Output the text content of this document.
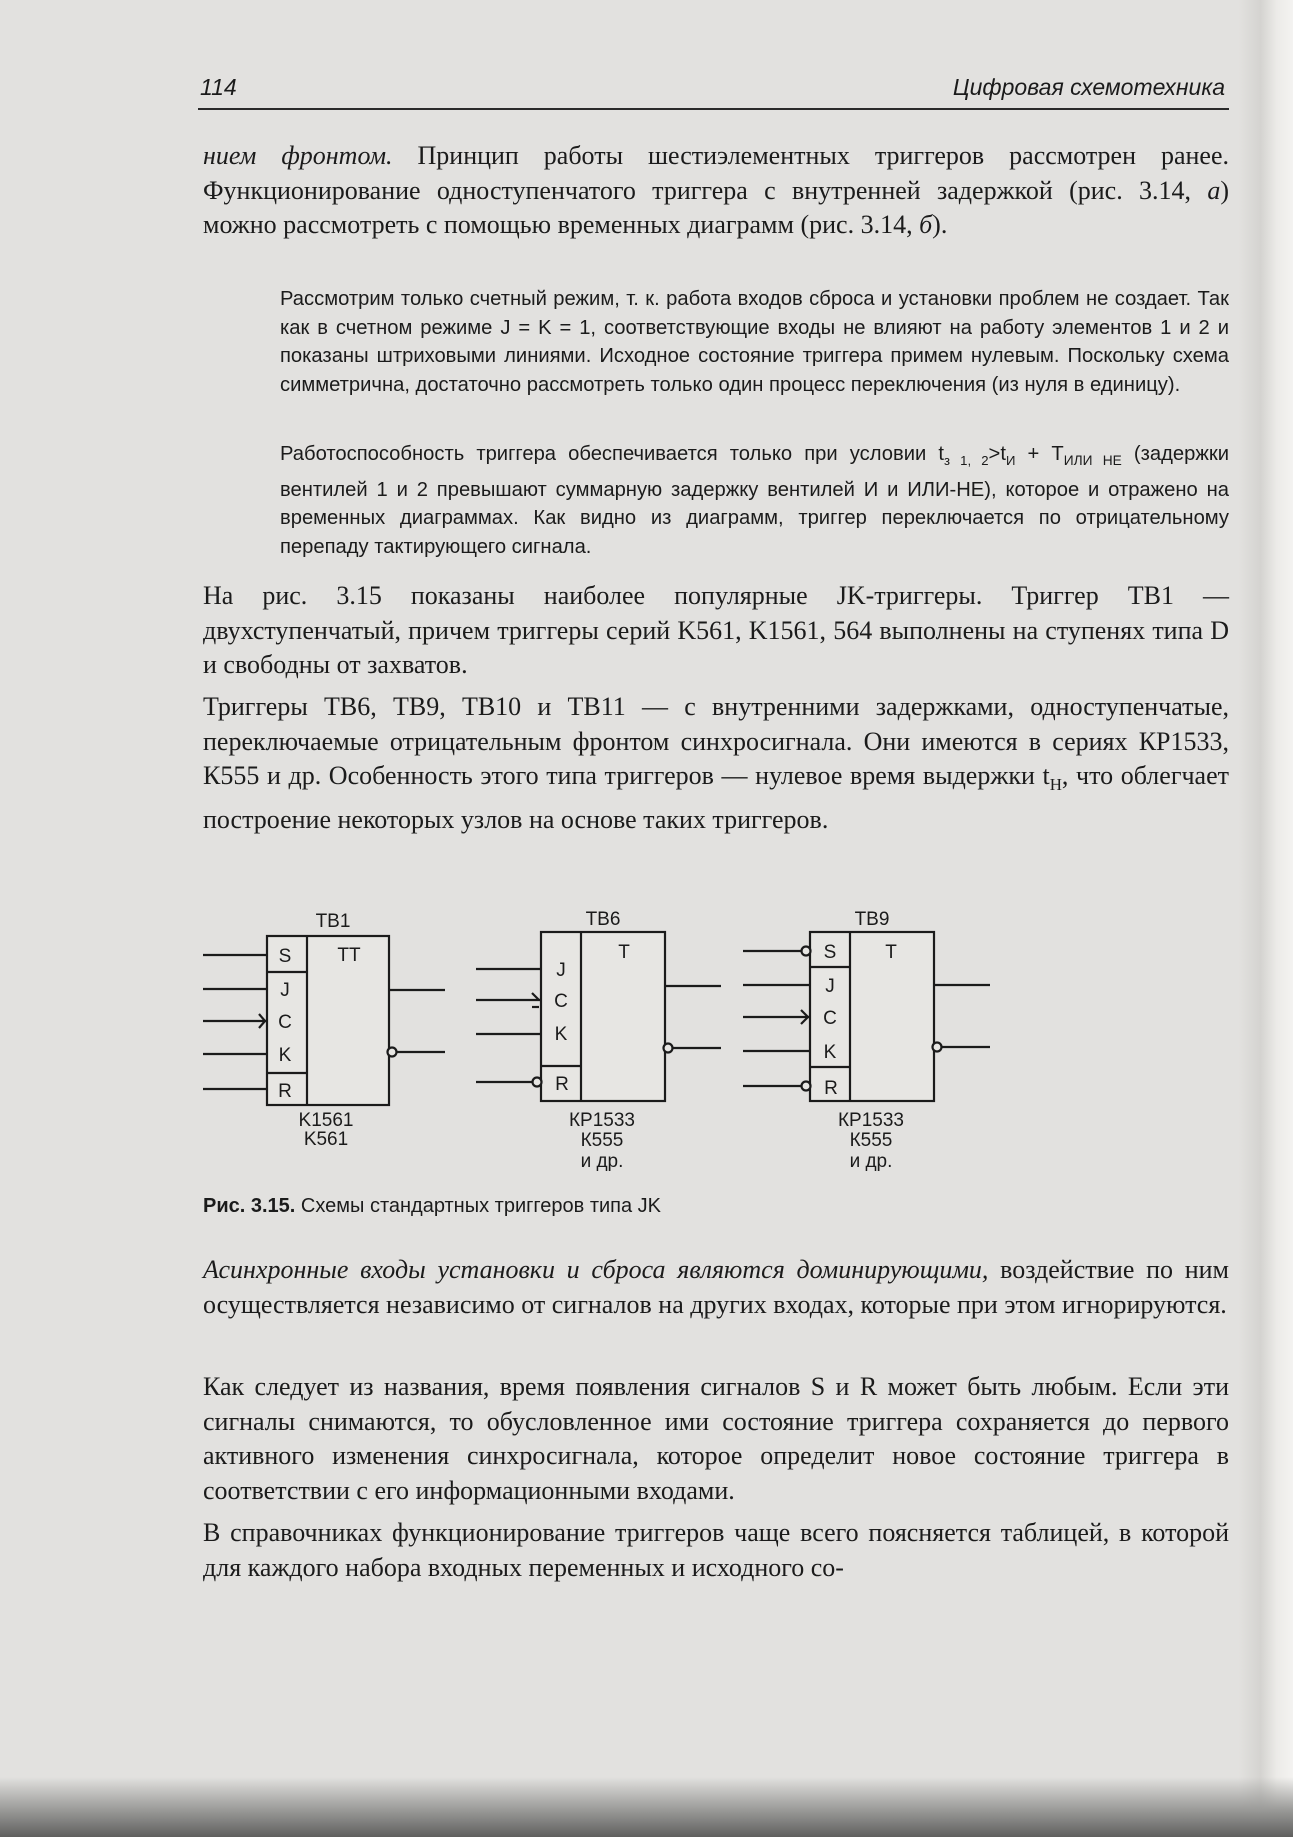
114	Цифровая схемотехника

нием фронтом. Принцип работы шестиэлементных триггеров рассмотрен ранее. Функционирование одноступенчатого триггера с внутренней задержкой (рис. 3.14, а) можно рассмотреть с помощью временных диаграмм (рис. 3.14, б).

Рассмотрим только счетный режим, т. к. работа входов сброса и установки проблем не создает. Так как в счетном режиме J = K = 1, соответствующие входы не влияют на работу элементов 1 и 2 и показаны штриховыми линиями. Исходное состояние триггера примем нулевым. Поскольку схема симметрична, достаточно рассмотреть только один процесс переключения (из нуля в единицу).

Работоспособность триггера обеспечивается только при условии $t_{з 1, 2}>t_И + T_{ИЛИ НЕ}$ (задержки вентилей 1 и 2 превышают суммарную задержку вентилей И и ИЛИ-НЕ), которое и отражено на временных диаграммах. Как видно из диаграмм, триггер переключается по отрицательному перепаду тактирующего сигнала.

На рис. 3.15 показаны наиболее популярные JK-триггеры. Триггер ТВ1 — двухступенчатый, причем триггеры серий K561, K1561, 564 выполнены на ступенях типа D и свободны от захватов.

Триггеры ТВ6, ТВ9, ТВ10 и ТВ11 — с внутренними задержками, одноступенчатые, переключаемые отрицательным фронтом синхросигнала. Они имеются в сериях КР1533, К555 и др. Особенность этого типа триггеров — нулевое время выдержки $t_Н$, что облегчает построение некоторых узлов на основе таких триггеров.

ТВ1
TT
S
J
C
K
R
K1561
K561
ТВ6
T
J
C
K
R
КР1533
К555
и др.
ТВ9
T
S
J
C
K
R
КР1533
К555
и др.

Рис. 3.15. Схемы стандартных триггеров типа JK

Асинхронные входы установки и сброса являются доминирующими, воздействие по ним осуществляется независимо от сигналов на других входах, которые при этом игнорируются.

Как следует из названия, время появления сигналов S и R может быть любым. Если эти сигналы снимаются, то обусловленное ими состояние триггера сохраняется до первого активного изменения синхросигнала, которое определит новое состояние триггера в соответствии с его информационными входами.

В справочниках функционирование триггеров чаще всего поясняется таблицей, в которой для каждого набора входных переменных и исходного со-
